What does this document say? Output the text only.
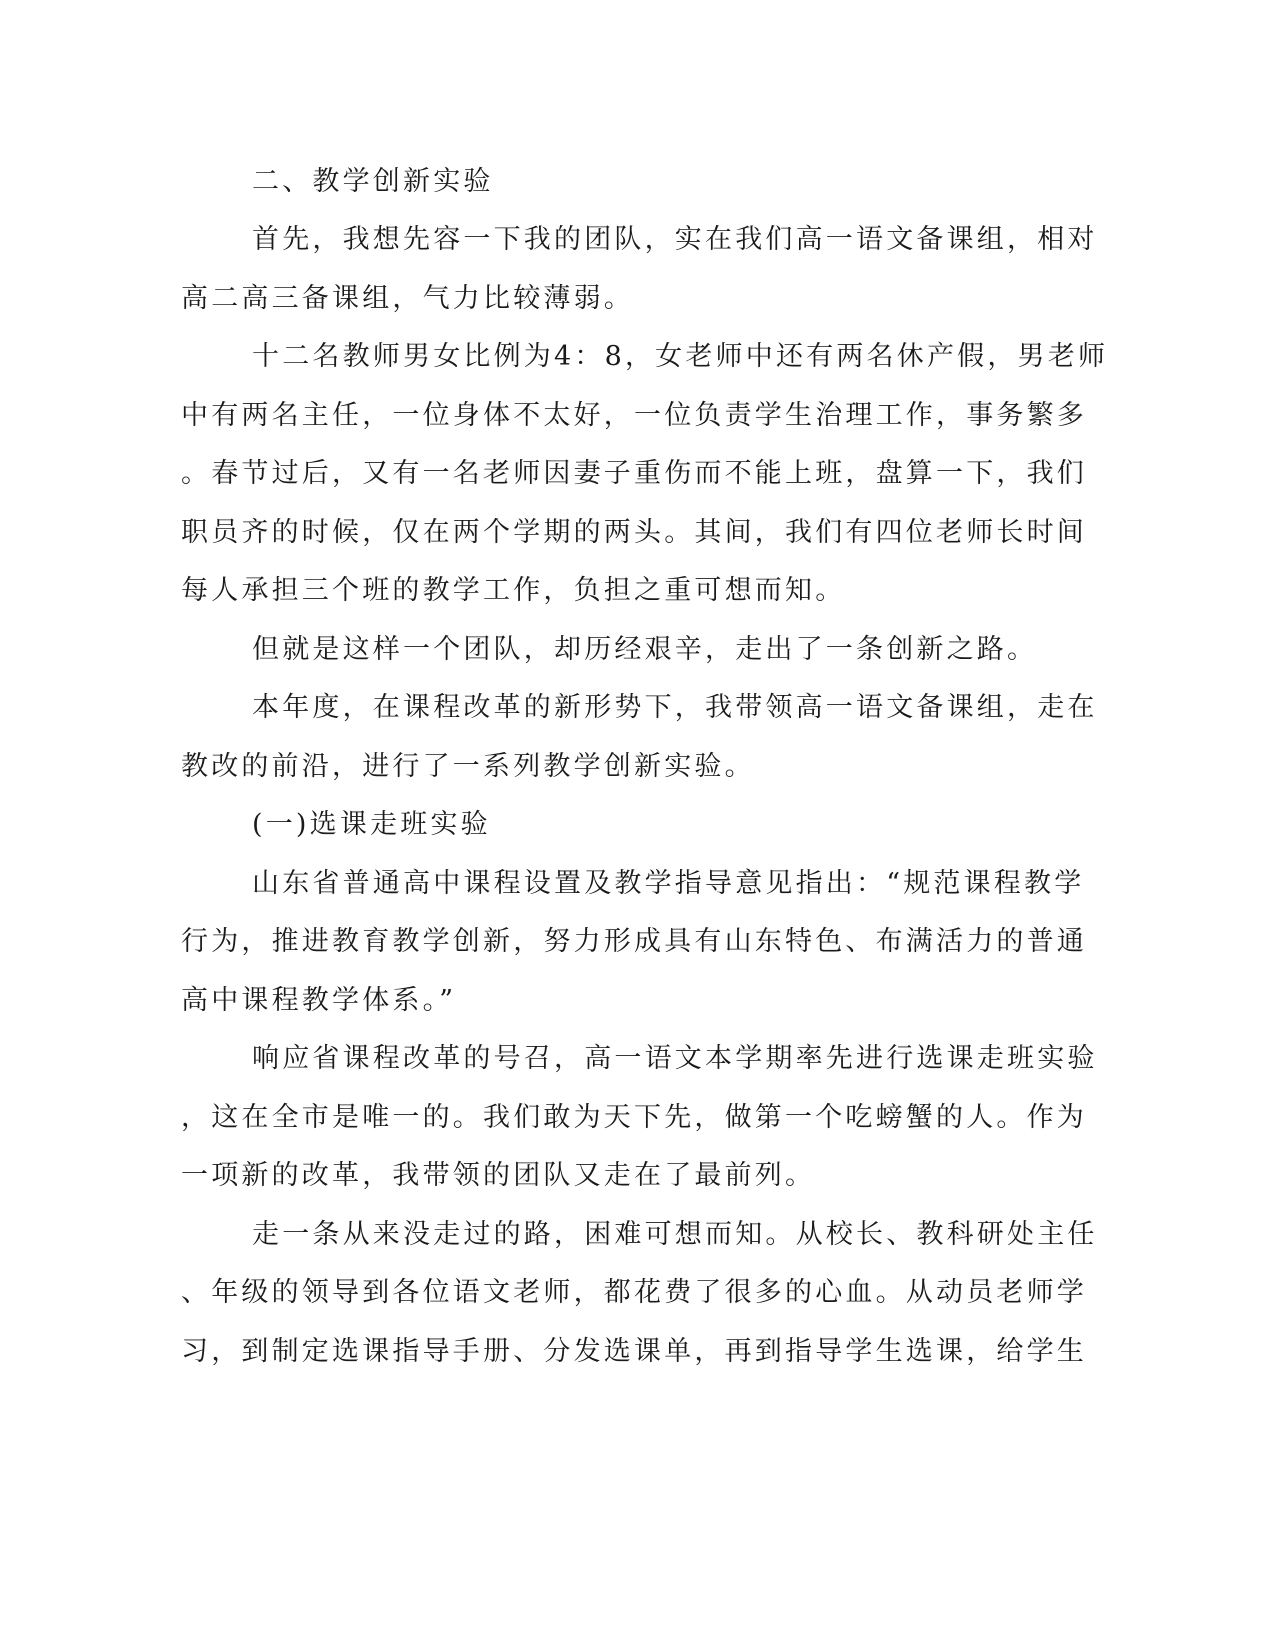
二、教学创新实验
首先，我想先容一下我的团队，实在我们高一语文备课组，相对
高二高三备课组，气力比较薄弱。
十二名教师男女比例为4：8，女老师中还有两名休产假，男老师
中有两名主任，一位身体不太好，一位负责学生治理工作，事务繁多
。春节过后，又有一名老师因妻子重伤而不能上班，盘算一下，我们
职员齐的时候，仅在两个学期的两头。其间，我们有四位老师长时间
每人承担三个班的教学工作，负担之重可想而知。
但就是这样一个团队，却历经艰辛，走出了一条创新之路。
本年度，在课程改革的新形势下，我带领高一语文备课组，走在
教改的前沿，进行了一系列教学创新实验。
(一)选课走班实验
山东省普通高中课程设置及教学指导意见指出：“规范课程教学
行为，推进教育教学创新，努力形成具有山东特色、布满活力的普通
高中课程教学体系。”
响应省课程改革的号召，高一语文本学期率先进行选课走班实验
，这在全市是唯一的。我们敢为天下先，做第一个吃螃蟹的人。作为
一项新的改革，我带领的团队又走在了最前列。
走一条从来没走过的路，困难可想而知。从校长、教科研处主任
、年级的领导到各位语文老师，都花费了很多的心血。从动员老师学
习，到制定选课指导手册、分发选课单，再到指导学生选课，给学生
